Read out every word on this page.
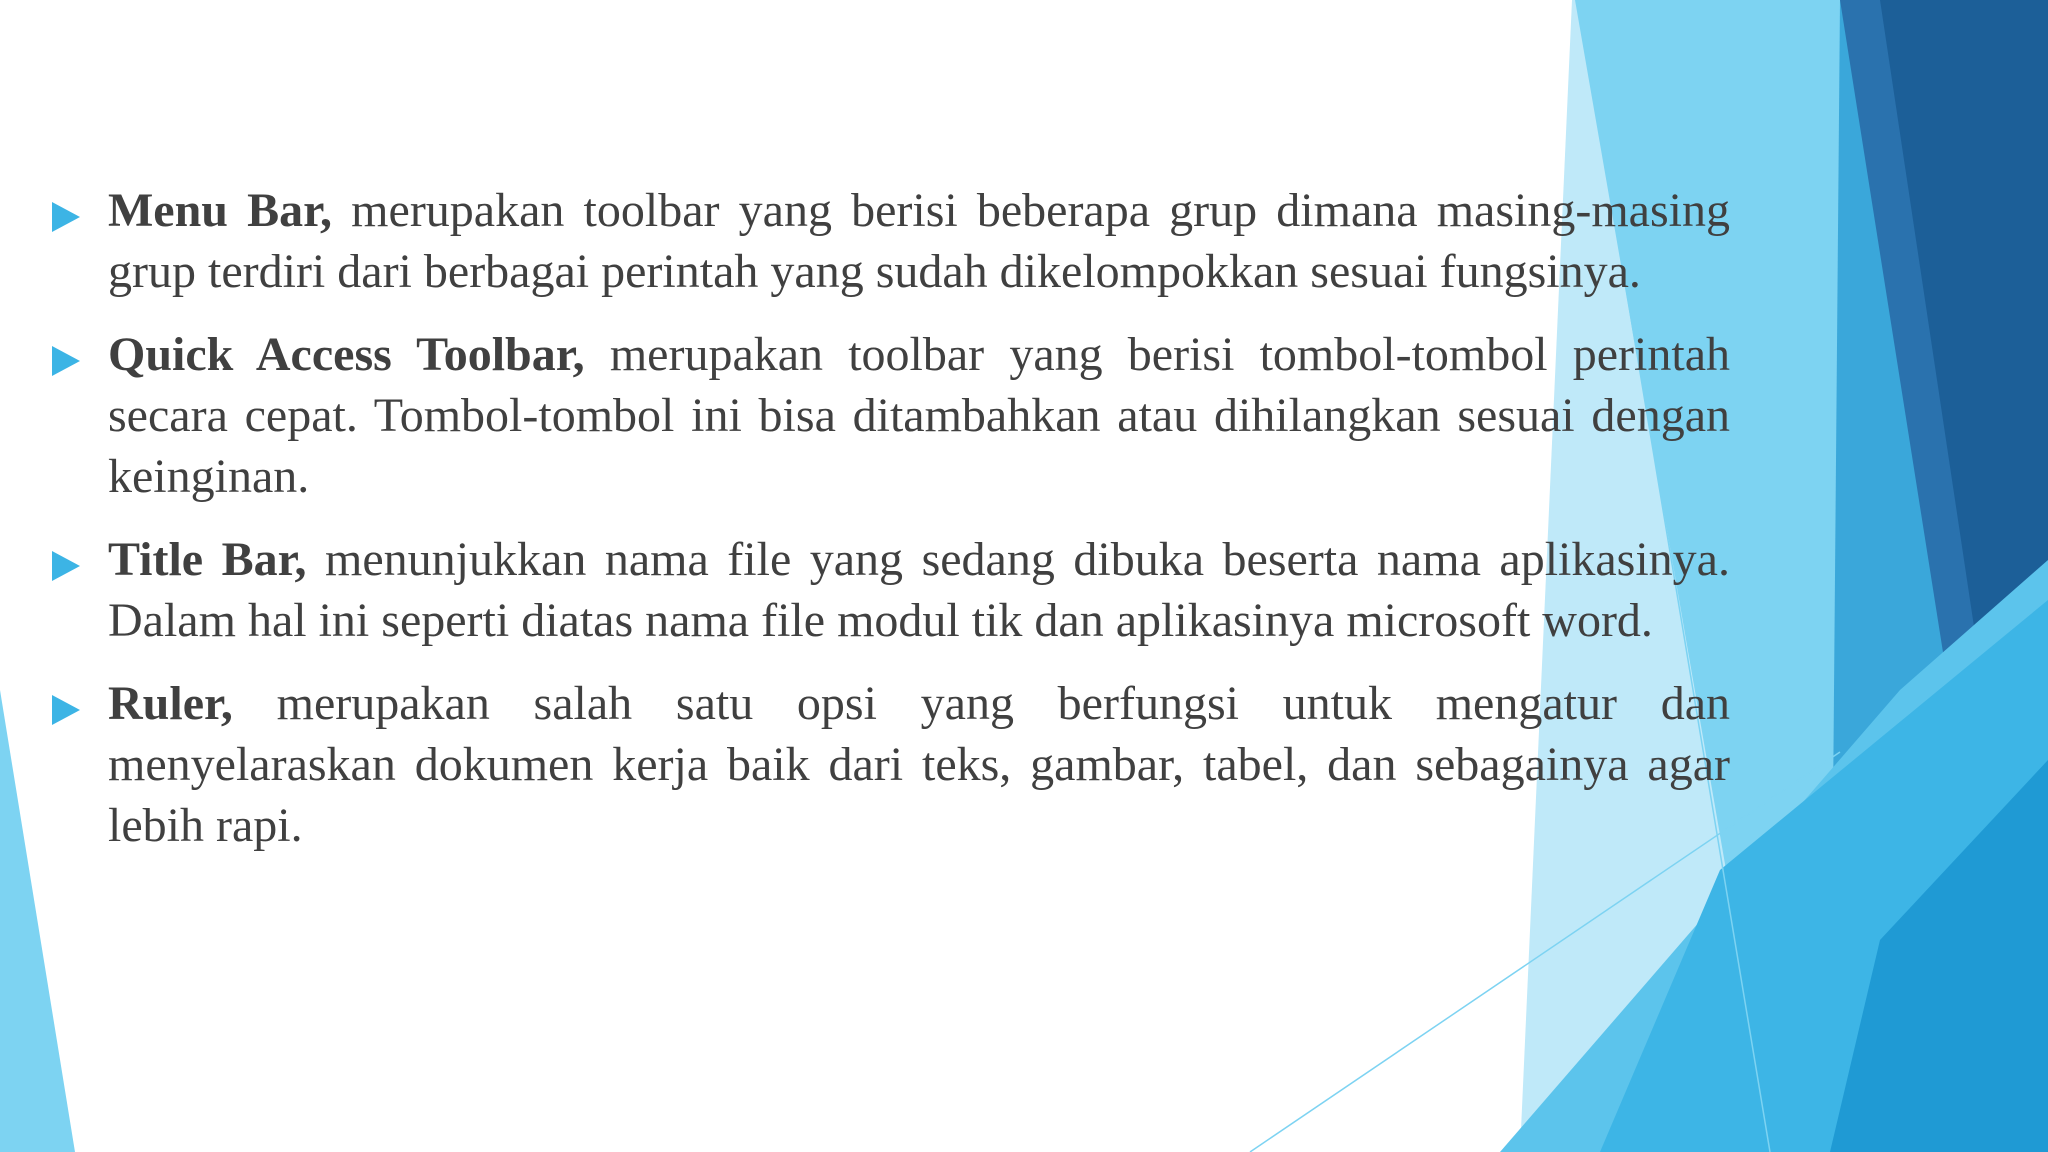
Menu Bar, merupakan toolbar yang berisi beberapa grup dimana masing-masing grup terdiri dari berbagai perintah yang sudah dikelompokkan sesuai fungsinya.

Quick Access Toolbar, merupakan toolbar yang berisi tombol-tombol perintah secara cepat. Tombol-tombol ini bisa ditambahkan atau dihilangkan sesuai dengan keinginan.

Title Bar, menunjukkan nama file yang sedang dibuka beserta nama aplikasinya. Dalam hal ini seperti diatas nama file modul tik dan aplikasinya microsoft word.

Ruler, merupakan salah satu opsi yang berfungsi untuk mengatur dan menyelaraskan dokumen kerja baik dari teks, gambar, tabel, dan sebagainya agar lebih rapi.
